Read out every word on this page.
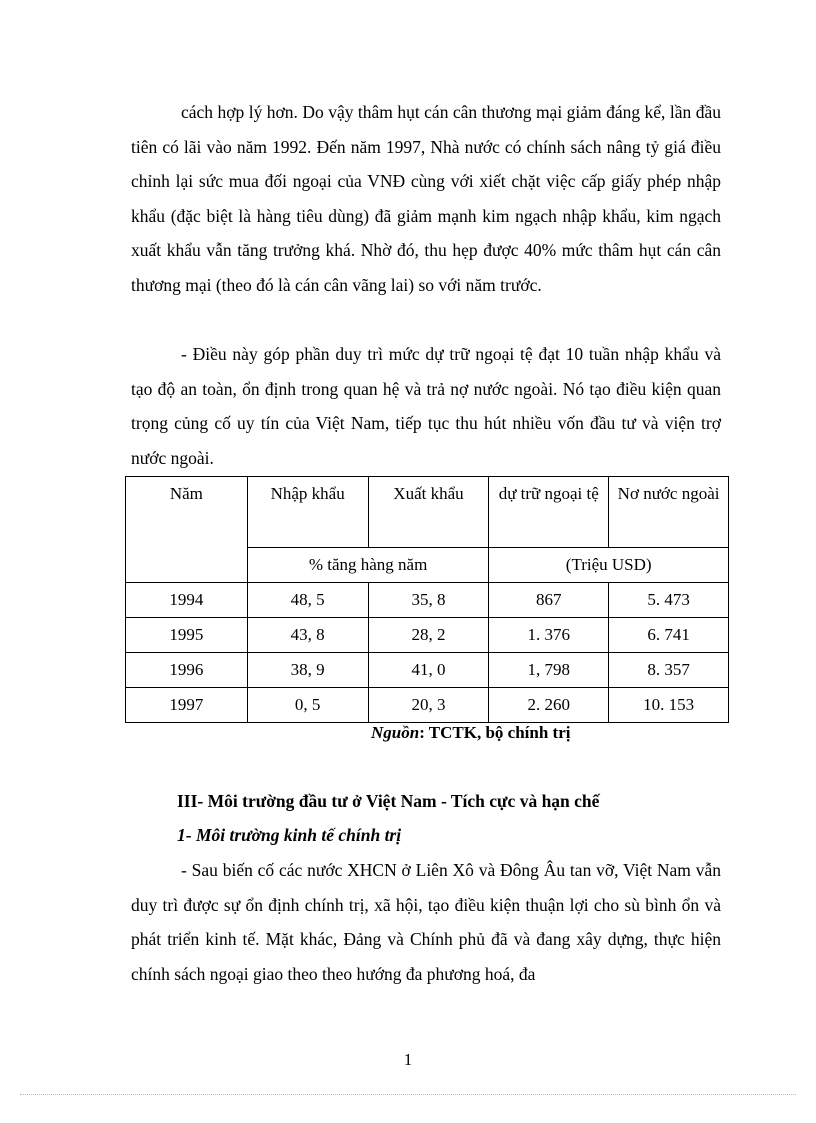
cách hợp lý hơn. Do vậy thâm hụt cán cân thương mại giảm đáng kể, lần đầu tiên có lãi vào năm 1992. Đến năm 1997, Nhà nước có chính sách nâng tỷ giá điều chỉnh lại sức mua đối ngoại của VNĐ cùng với xiết chặt việc cấp giấy phép nhập khẩu (đặc biệt là hàng tiêu dùng) đã giảm mạnh kim ngạch nhập khẩu, kim ngạch xuất khẩu vẫn tăng trưởng khá. Nhờ đó, thu hẹp được 40% mức thâm hụt cán cân thương mại (theo đó là cán cân vãng lai) so với năm trước.

- Điều này góp phần duy trì mức dự trữ ngoại tệ đạt 10 tuần nhập khẩu và tạo độ an toàn, ổn định trong quan hệ và trả nợ nước ngoài. Nó tạo điều kiện quan trọng củng cố uy tín của Việt Nam, tiếp tục thu hút nhiều vốn đầu tư và viện trợ nước ngoài.

Năm	Nhập khẩu	Xuất khẩu	dự trữ ngoại tệ	Nơ nước ngoài
	% tăng hàng năm		(Triệu USD)	
1994	48, 5	35, 8	867	5. 473
1995	43, 8	28, 2	1. 376	6. 741
1996	38, 9	41, 0	1, 798	8. 357
1997	0, 5	20, 3	2. 260	10. 153
Nguồn: TCTK, bộ chính trị
III- Môi trường đầu tư ở Việt Nam - Tích cực và hạn chế
1- Môi trường kinh tế chính trị

- Sau biến cố các nước XHCN ở Liên Xô và Đông Âu tan vỡ, Việt Nam vẫn duy trì được sự ổn định chính trị, xã hội, tạo điều kiện thuận lợi cho sù bình ổn và phát triển kinh tế. Mặt khác, Đảng và Chính phủ đã và đang xây dựng, thực hiện chính sách ngoại giao theo theo hướng đa phương hoá, đa

1
